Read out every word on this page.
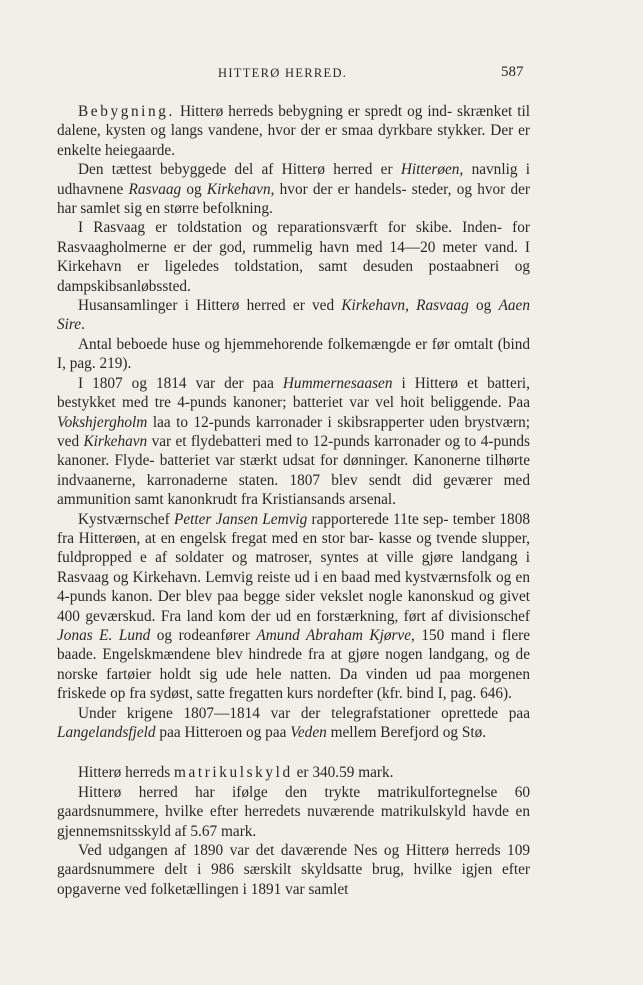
HITTERØ HERRED.	587

Bebygning. Hitterø herreds bebygning er spredt og ind- skrænket til dalene, kysten og langs vandene, hvor der er smaa dyrkbare stykker. Der er enkelte heiegaarde.

Den tættest bebyggede del af Hitterø herred er Hitterøen, navnlig i udhavnene Rasvaag og Kirkehavn, hvor der er handels- steder, og hvor der har samlet sig en større befolkning.

I Rasvaag er toldstation og reparationsværft for skibe. Inden- for Rasvaagholmerne er der god, rummelig havn med 14—20 meter vand. I Kirkehavn er ligeledes toldstation, samt desuden postaabneri og dampskibsanløbssted.

Husansamlinger i Hitterø herred er ved Kirkehavn, Rasvaag og Aaen Sire.

Antal beboede huse og hjemmehorende folkemængde er før omtalt (bind I, pag. 219).

I 1807 og 1814 var der paa Hummernesaasen i Hitterø et batteri, bestykket med tre 4-punds kanoner; batteriet var vel hoit beliggende. Paa Vokshjergholm laa to 12-punds karronader i skibsrapperter uden brystværn; ved Kirkehavn var et flydebatteri med to 12-punds karronader og to 4-punds kanoner. Flyde- batteriet var stærkt udsat for dønninger. Kanonerne tilhørte indvaanerne, karronaderne staten. 1807 blev sendt did geværer med ammunition samt kanonkrudt fra Kristiansands arsenal.

Kystværnschef Petter Jansen Lemvig rapporterede 11te sep- tember 1808 fra Hitterøen, at en engelsk fregat med en stor bar- kasse og tvende slupper, fuldpropped e af soldater og matroser, syntes at ville gjøre landgang i Rasvaag og Kirkehavn. Lemvig reiste ud i en baad med kystværnsfolk og en 4-punds kanon. Der blev paa begge sider vekslet nogle kanonskud og givet 400 geværskud. Fra land kom der ud en forstærkning, ført af divisionschef Jonas E. Lund og rodeanfører Amund Abraham Kjørve, 150 mand i flere baade. Engelskmændene blev hindrede fra at gjøre nogen landgang, og de norske fartøier holdt sig ude hele natten. Da vinden ud paa morgenen friskede op fra sydøst, satte fregatten kurs nordefter (kfr. bind I, pag. 646).

Under krigene 1807—1814 var der telegrafstationer oprettede paa Langelandsfjeld paa Hitteroen og paa Veden mellem Berefjord og Stø.

Hitterø herreds matrikulskyld er 340.59 mark.

Hitterø herred har ifølge den trykte matrikulfortegnelse 60 gaardsnummere, hvilke efter herredets nuværende matrikulskyld havde en gjennemsnitsskyld af 5.67 mark.

Ved udgangen af 1890 var det daværende Nes og Hitterø herreds 109 gaardsnummere delt i 986 særskilt skyldsatte brug, hvilke igjen efter opgaverne ved folketællingen i 1891 var samlet
